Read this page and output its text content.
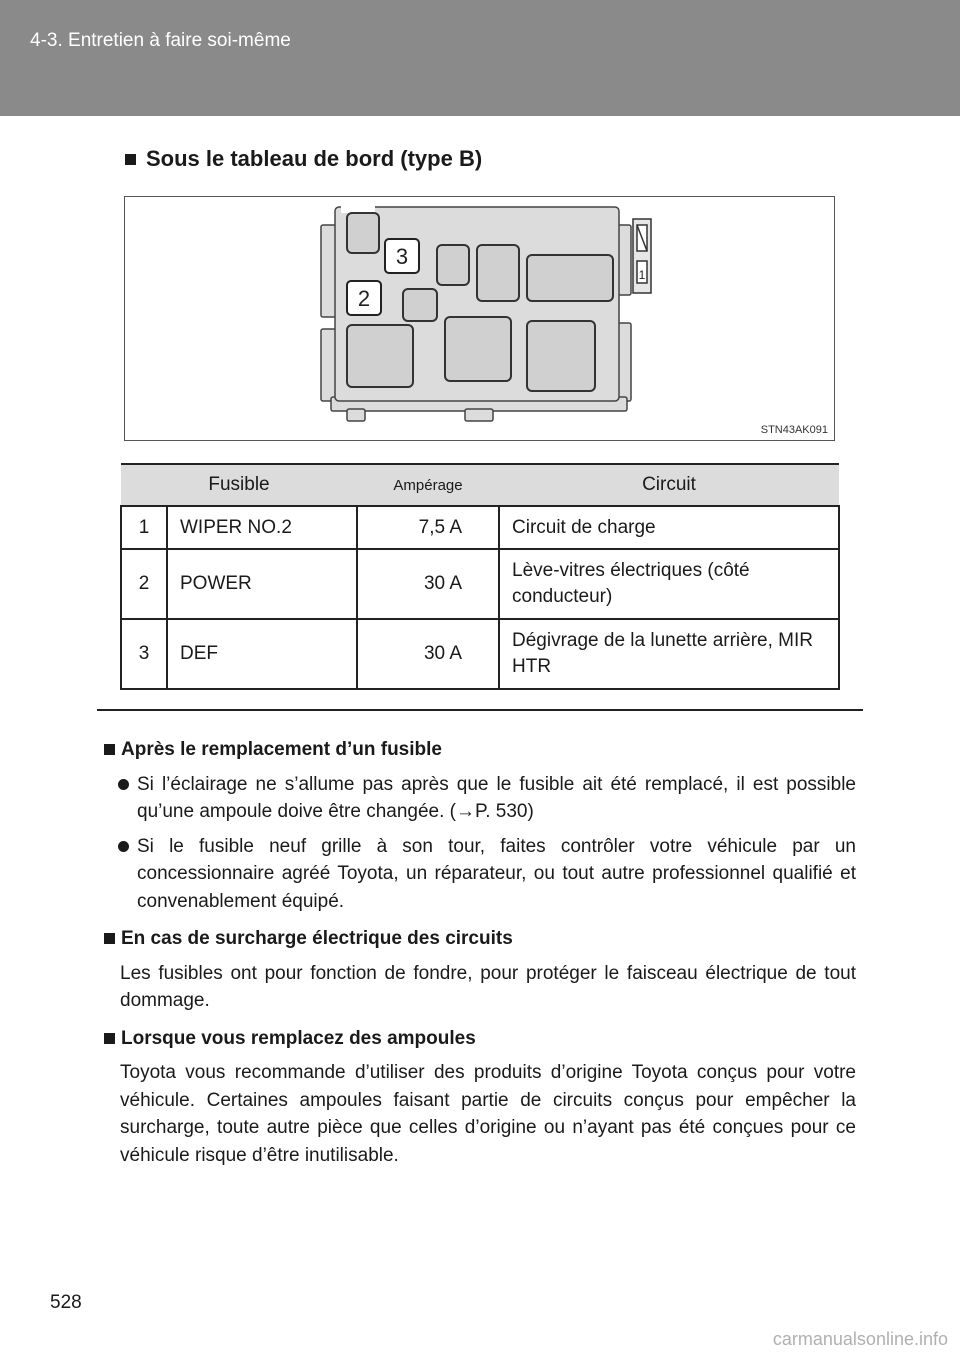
4-3. Entretien à faire soi-même
Sous le tableau de bord (type B)
3
2
1
STN43AK091
Fusible		Ampérage	Circuit
1	WIPER NO.2	7,5 A	Circuit de charge
2	POWER	30 A	Lève-vitres électriques (côté conducteur)
3	DEF	30 A	Dégivrage de la lunette arrière, MIR HTR
Après le remplacement d’un fusible
Si l’éclairage ne s’allume pas après que le fusible ait été remplacé, il est possible qu’une ampoule doive être changée. (→P. 530)
Si le fusible neuf grille à son tour, faites contrôler votre véhicule par un concessionnaire agréé Toyota, un réparateur, ou tout autre professionnel qualifié et convenablement équipé.
En cas de surcharge électrique des circuits
Les fusibles ont pour fonction de fondre, pour protéger le faisceau électrique de tout dommage.
Lorsque vous remplacez des ampoules
Toyota vous recommande d’utiliser des produits d’origine Toyota conçus pour votre véhicule. Certaines ampoules faisant partie de circuits conçus pour empêcher la surcharge, toute autre pièce que celles d’origine ou n’ayant pas été conçues pour ce véhicule risque d’être inutilisable.
528
carmanualsonline.info
